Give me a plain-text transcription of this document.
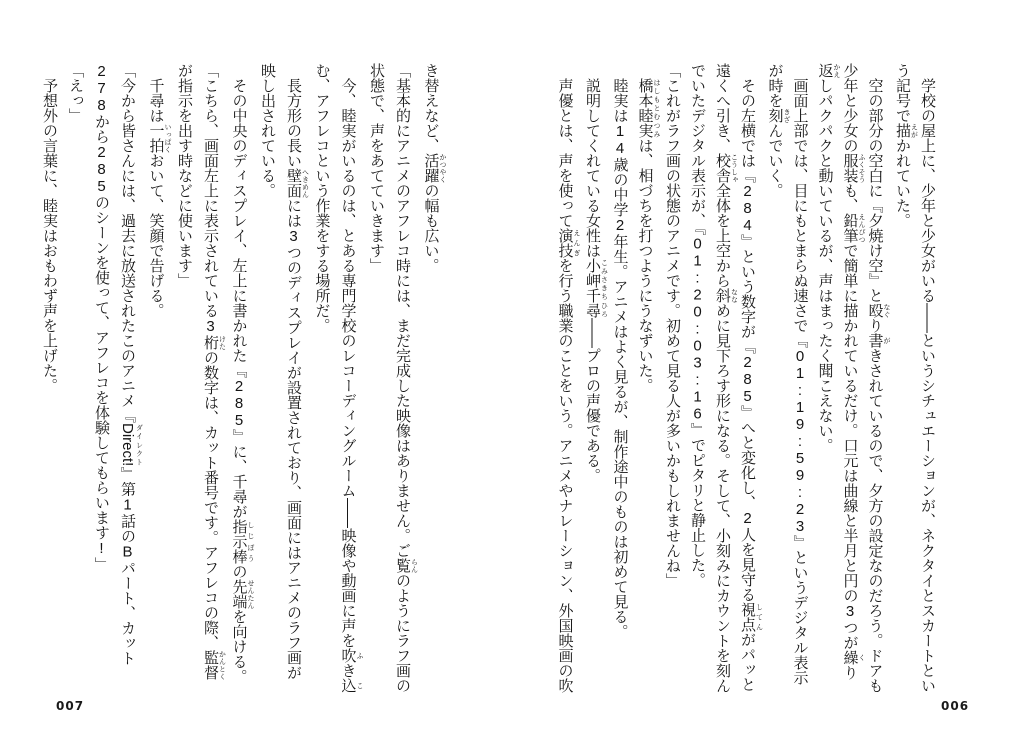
学校の屋上に、少年と少女がいる――というシチュエーションが、ネクタイとスカートという記号で描 えがかれていた。

空の部分の空白に『夕焼け空』と殴 なぐり書 がきされているので、夕方の設定なのだろう。ドアも少年と少女の服装 ふくそうも、鉛筆 えんぴつで簡単に描かれているだけ。口元は曲線と半月と円の3つが繰 くり返 かえしパクパクと動いているが、声はまったく聞こえない。

画面上部では、目にもとまらぬ速さで『01:19:59:23』というデジタル表示が時を刻 きざんでいく。

その左横では『284』という数字が『285』へと変化し、2人を見守る視点 してんがパッと遠くへ引き、校舎 こうしゃ全体を上空から斜 ななめに見下ろす形になる。そして、小刻みにカウントを刻んでいたデジタル表示が、『01:20:03:16』でピタリと静止した。

「これがラフ画の状態のアニメです。初めて見る人が多いかもしれませんね」

橋本睦実 はしもとむつみは、相づちを打つようにうなずいた。

睦実は14歳の中学2年生。アニメはよく見るが、制作途中のものは初めて見る。

説明してくれている女性は小岬千尋 こみさきちひろ――プロの声優である。

声優とは、声を使って演技 えんぎを行う職業のことをいう。アニメやナレーション、外国映画の吹

き替えなど、活躍 かつやくの幅も広い。

「基本的にアニメのアフレコ時には、まだ完成した映像はありません。ご覧 らんのようにラフ画の状態で、声をあてていきます」

今、睦実がいるのは、とある専門学校のレコーディングルーム――映像や動画に声を吹 ふき込 こむ、アフレコという作業をする場所だ。

長方形の長い壁面 へきめんには3つのディスプレイが設置されており、画面にはアニメのラフ画が映し出されている。

その中央のディスプレイ、左上に書かれた『285』に、千尋が指示棒 しじぼうの先端 せんたんを向ける。

「こちら、画面左上に表示されている3桁 けたの数字は、カット番号です。アフレコの際、監督 かんとくが指示を出す時などに使います」

千尋は一拍 いっぱくおいて、笑顔で告げる。

「今から皆さんには、過去に放送されたこのアニメ『Direct! ダイレクト』第1話のBパート、カット278から285のシーンを使って、アフレコを体験してもらいます!」

「えっ」

予想外の言葉に、睦実はおもわず声を上げた。

006
007
